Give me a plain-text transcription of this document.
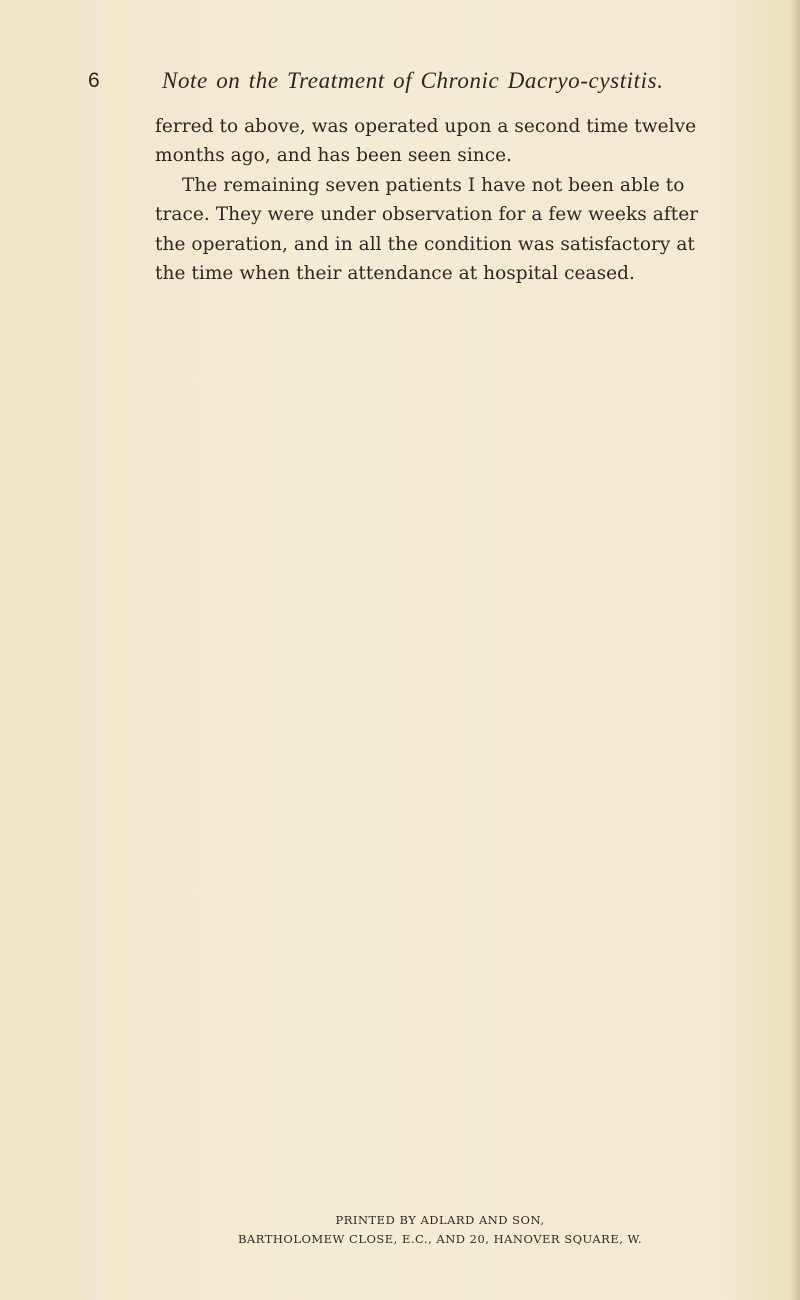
6	Note on the Treatment of Chronic Dacryo-cystitis.

ferred to above, was operated upon a second time twelve
months ago, and has been seen since.

The remaining seven patients I have not been able to
trace. They were under observation for a few weeks after
the operation, and in all the condition was satisfactory at
the time when their attendance at hospital ceased.

PRINTED BY ADLARD AND SON,
BARTHOLOMEW CLOSE, E.C., AND 20, HANOVER SQUARE, W.
